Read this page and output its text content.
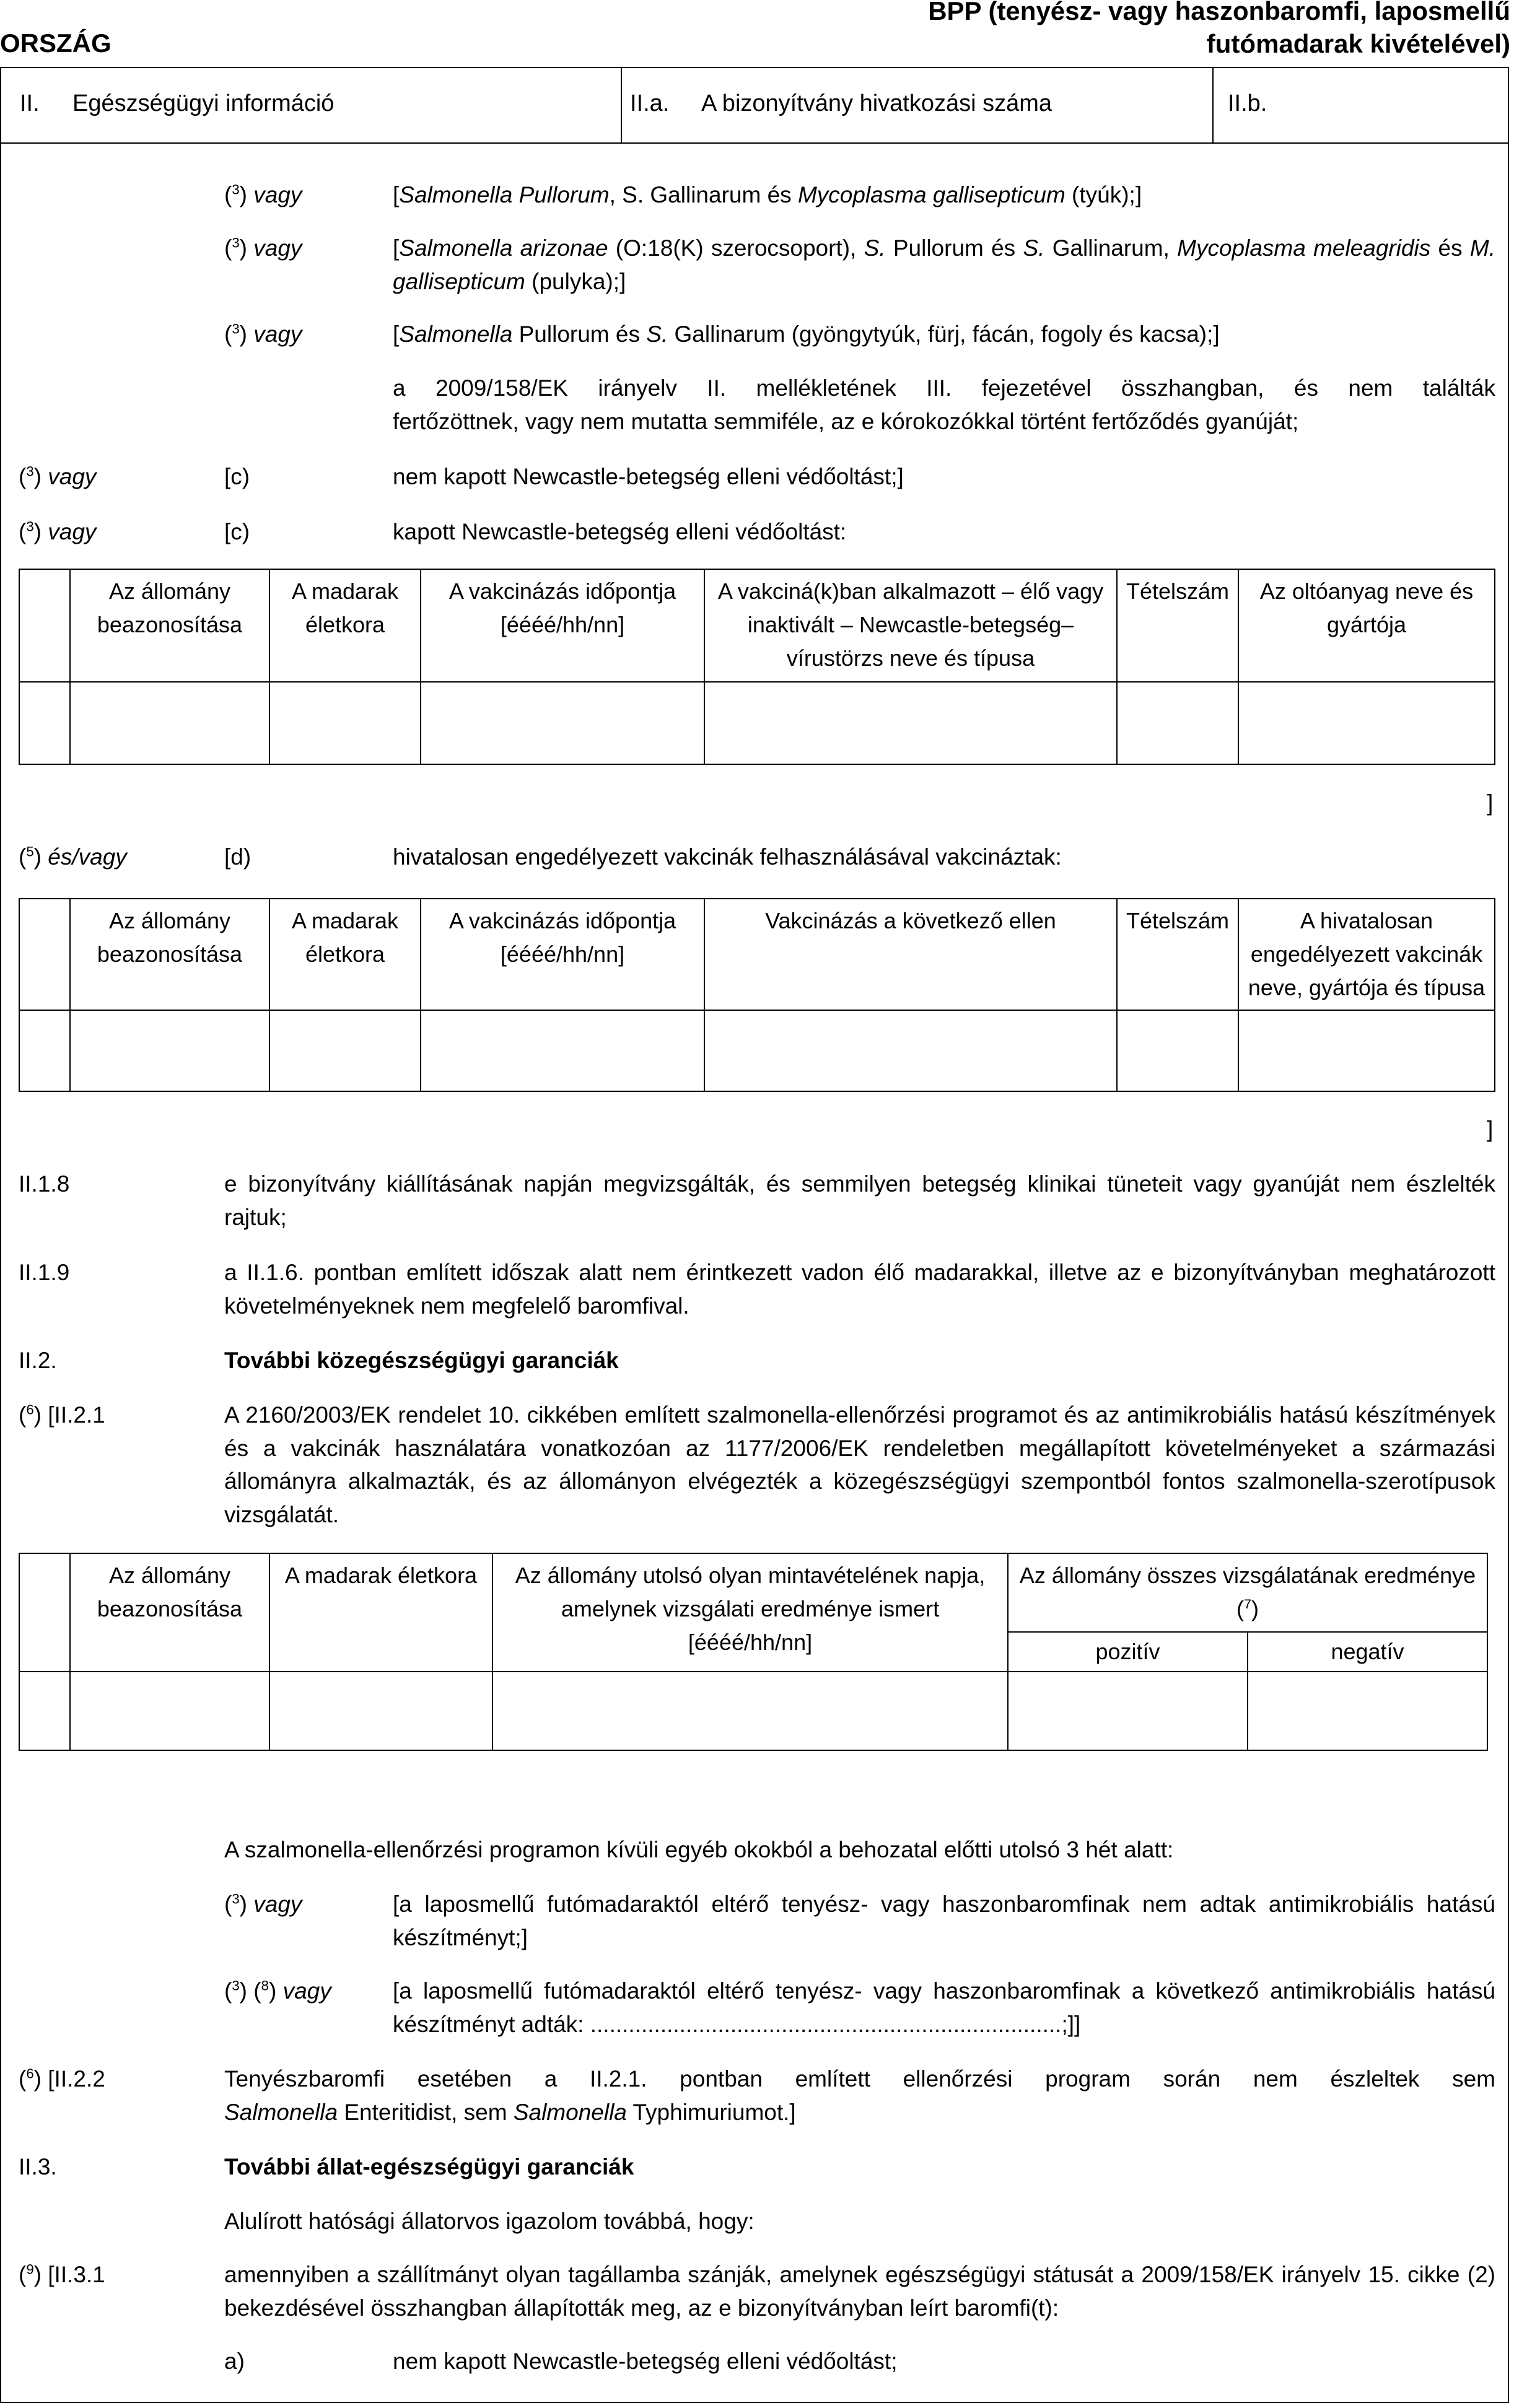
ORSZÁG
BPP (tenyész- vagy haszonbaromfi, laposmellű
futómadarak kivételével)
II. Egészségügyi információ	II.a. A bizonyítvány hivatkozási száma	II.b.
($^3$) vagy	[Salmonella Pullorum, S. Gallinarum és Mycoplasma gallisepticum (tyúk);]
($^3$) vagy	[Salmonella arizonae (O:18(K) szerocsoport), S. Pullorum és S. Gallinarum, Mycoplasma meleagridis és M. gallisepticum (pulyka);]
($^3$) vagy	[Salmonella Pullorum és S. Gallinarum (gyöngytyúk, fürj, fácán, fogoly és kacsa);]
a 2009/158/EK irányelv II. mellékletének III. fejezetével összhangban, és nem találták
fertőzöttnek, vagy nem mutatta semmiféle, az e kórokozókkal történt fertőződés gyanúját;
($^3$) vagy	[c)	nem kapott Newcastle-betegség elleni védőoltást;]
($^3$) vagy	[c)	kapott Newcastle-betegség elleni védőoltást:
	Az állomány beazonosítása	A madarak életkora	A vakcinázás időpontja [éééé/hh/nn]	A vakciná(k)ban alkalmazott – élő vagy inaktivált – Newcastle-betegség–vírustörzs neve és típusa	Tételszám	Az oltóanyag neve és gyártója

]
($^5$) és/vagy	[d)	hivatalosan engedélyezett vakcinák felhasználásával vakcináztak:
	Az állomány beazonosítása	A madarak életkora	A vakcinázás időpontja [éééé/hh/nn]	Vakcinázás a következő ellen	Tételszám	A hivatalosan engedélyezett vakcinák neve, gyártója és típusa

]
II.1.8	e bizonyítvány kiállításának napján megvizsgálták, és semmilyen betegség klinikai tüneteit vagy gyanúját nem észlelték rajtuk;
II.1.9	a II.1.6. pontban említett időszak alatt nem érintkezett vadon élő madarakkal, illetve az e bizonyítványban meghatározott követelményeknek nem megfelelő baromfival.
II.2.	További közegészségügyi garanciák
($^6$) [II.2.1	A 2160/2003/EK rendelet 10. cikkében említett szalmonella-ellenőrzési programot és az antimikrobiális hatású készítmények és a vakcinák használatára vonatkozóan az 1177/2006/EK rendeletben megállapított követelményeket a származási állományra alkalmazták, és az állományon elvégezték a közegészségügyi szempontból fontos szalmonella-szerotípusok vizsgálatát.
	Az állomány beazonosítása	A madarak életkora	Az állomány utolsó olyan mintavételének napja, amelynek vizsgálati eredménye ismert [éééé/hh/nn]	Az állomány összes vizsgálatának eredménye ($^7$)	
				pozitív	negatív

A szalmonella-ellenőrzési programon kívüli egyéb okokból a behozatal előtti utolsó 3 hét alatt:
($^3$) vagy	[a laposmellű futómadaraktól eltérő tenyész- vagy haszonbaromfinak nem adtak antimikrobiális hatású készítményt;]
($^3$) ($^8$) vagy	[a laposmellű futómadaraktól eltérő tenyész- vagy haszonbaromfinak a következő antimikrobiális hatású készítményt adták: ..........................................................................;]]
($^6$) [II.2.2	Tenyészbaromfi esetében a II.2.1. pontban említett ellenőrzési program során nem észleltek sem
Salmonella Enteritidist, sem Salmonella Typhimuriumot.]
II.3.	További állat-egészségügyi garanciák
Alulírott hatósági állatorvos igazolom továbbá, hogy:
($^9$) [II.3.1	amennyiben a szállítmányt olyan tagállamba szánják, amelynek egészségügyi státusát a 2009/158/EK irányelv 15. cikke (2) bekezdésével összhangban állapították meg, az e bizonyítványban leírt baromfi(t):
a)	nem kapott Newcastle-betegség elleni védőoltást;
